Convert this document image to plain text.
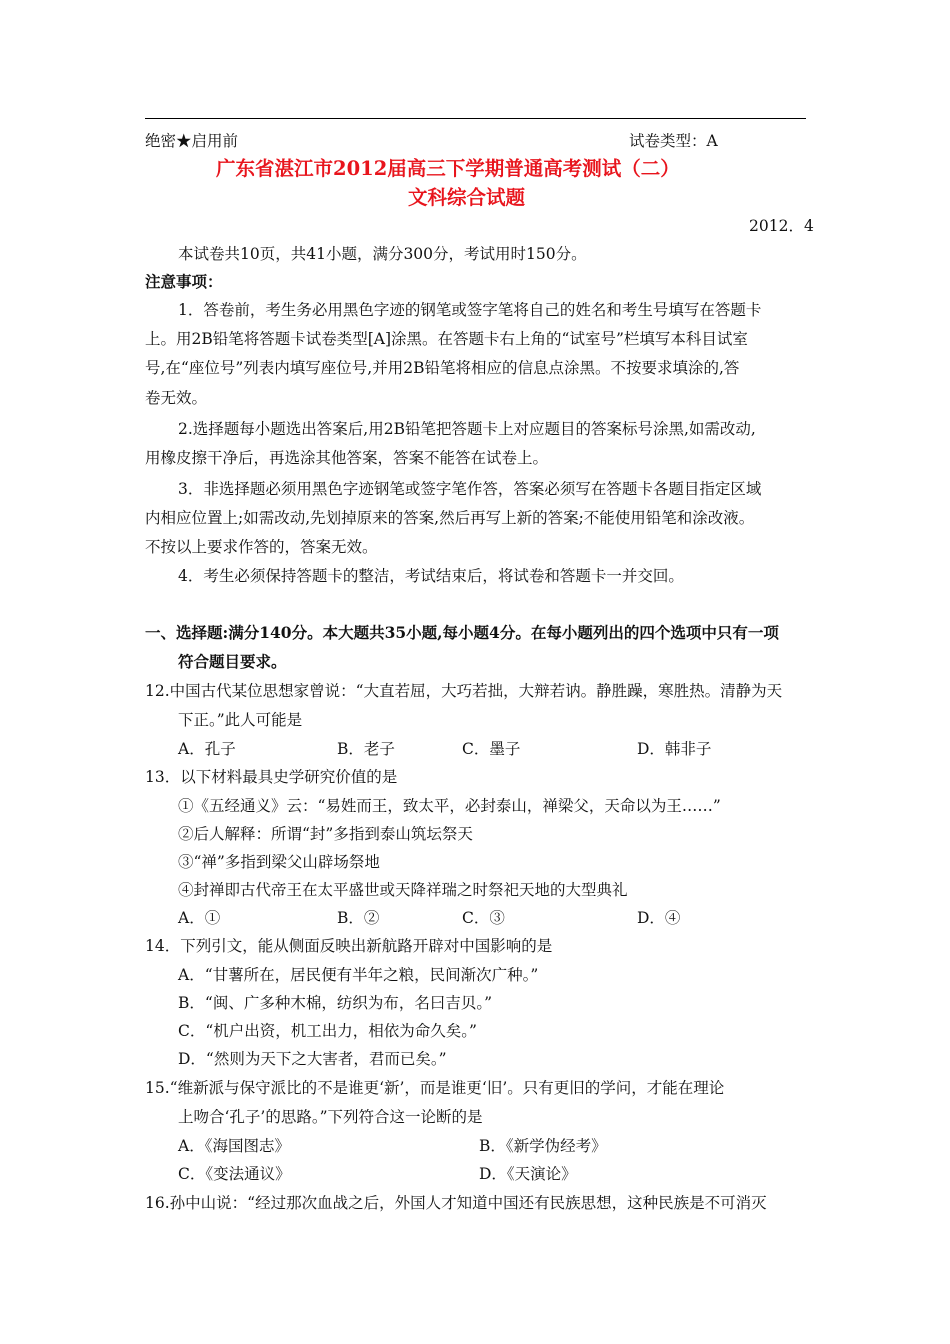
绝密★启用前	试卷类型：A
广东省湛江市2012届高三下学期普通高考测试（二）
文科综合试题
2012．4
本试卷共10页，共41小题，满分300分，考试用时150分。
注意事项：
1．答卷前，考生务必用黑色字迹的钢笔或签字笔将自己的姓名和考生号填写在答题卡
上。用2B铅笔将答题卡试卷类型[A]涂黑。在答题卡右上角的“试室号”栏填写本科目试室
号,在“座位号”列表内填写座位号,并用2B铅笔将相应的信息点涂黑。不按要求填涂的,答
卷无效。
2.选择题每小题选出答案后,用2B铅笔把答题卡上对应题目的答案标号涂黑,如需改动,
用橡皮擦干净后，再选涂其他答案，答案不能答在试卷上。
3．非选择题必须用黑色字迹钢笔或签字笔作答，答案必须写在答题卡各题目指定区域
内相应位置上;如需改动,先划掉原来的答案,然后再写上新的答案;不能使用铅笔和涂改液。
不按以上要求作答的，答案无效。
4．考生必须保持答题卡的整洁，考试结束后，将试卷和答题卡一并交回。
一、选择题:满分140分。本大题共35小题,每小题4分。在每小题列出的四个选项中只有一项
符合题目要求。
12.中国古代某位思想家曾说：“大直若屈，大巧若拙，大辩若讷。静胜躁，寒胜热。清静为天
下正。”此人可能是
A．孔子	B．老子	C．墨子	D．韩非子
13．以下材料最具史学研究价值的是
①《五经通义》云：“易姓而王，致太平，必封泰山，禅梁父，天命以为王……”
②后人解释：所谓“封”多指到泰山筑坛祭天
③“禅”多指到梁父山辟场祭地
④封禅即古代帝王在太平盛世或天降祥瑞之时祭祀天地的大型典礼
A．①	B．②	C．③	D．④
14．下列引文，能从侧面反映出新航路开辟对中国影响的是
A．“甘薯所在，居民便有半年之粮，民间渐次广种。”
B．“闽、广多种木棉，纺织为布，名曰吉贝。”
C．“机户出资，机工出力，相依为命久矣。”
D．“然则为天下之大害者，君而已矣。”
15.“维新派与保守派比的不是谁更‘新’，而是谁更‘旧’。只有更旧的学问，才能在理论
上吻合‘孔子’的思路。”下列符合这一论断的是
A．《海国图志》	B．《新学伪经考》
C．《变法通议》	D．《天演论》
16.孙中山说：“经过那次血战之后，外国人才知道中国还有民族思想，这种民族是不可消灭
